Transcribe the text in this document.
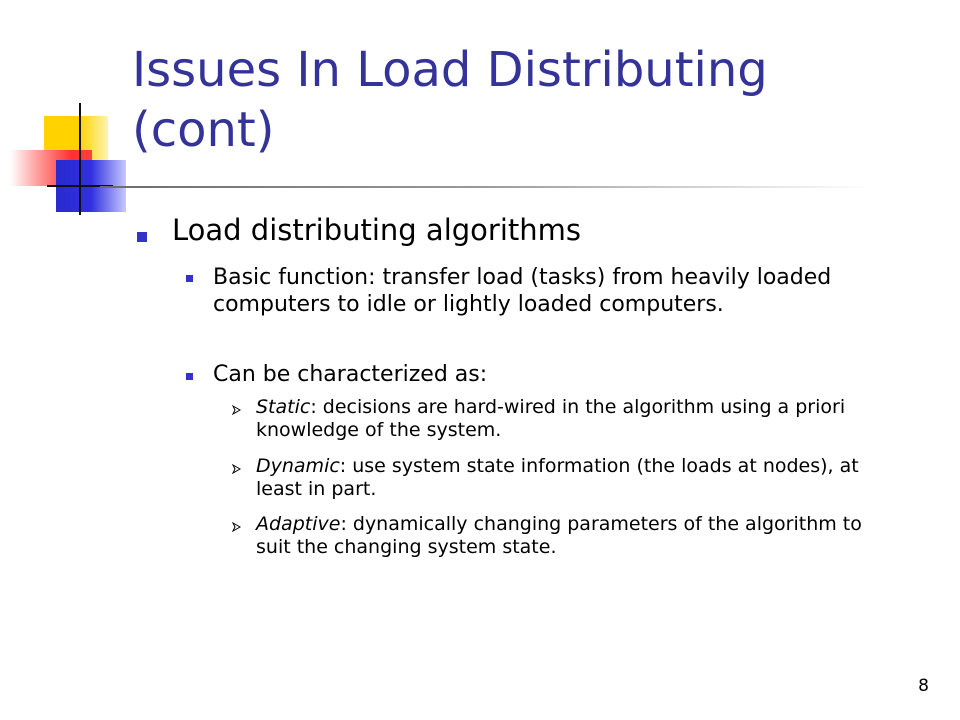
Issues In Load Distributing (cont)

Load distributing algorithms

Basic function: transfer load (tasks) from heavily loaded computers to idle or lightly loaded computers.

Can be characterized as:

Static: decisions are hard-wired in the algorithm using a priori knowledge of the system.

Dynamic: use system state information (the loads at nodes), at least in part.

Adaptive: dynamically changing parameters of the algorithm to suit the changing system state.

8
